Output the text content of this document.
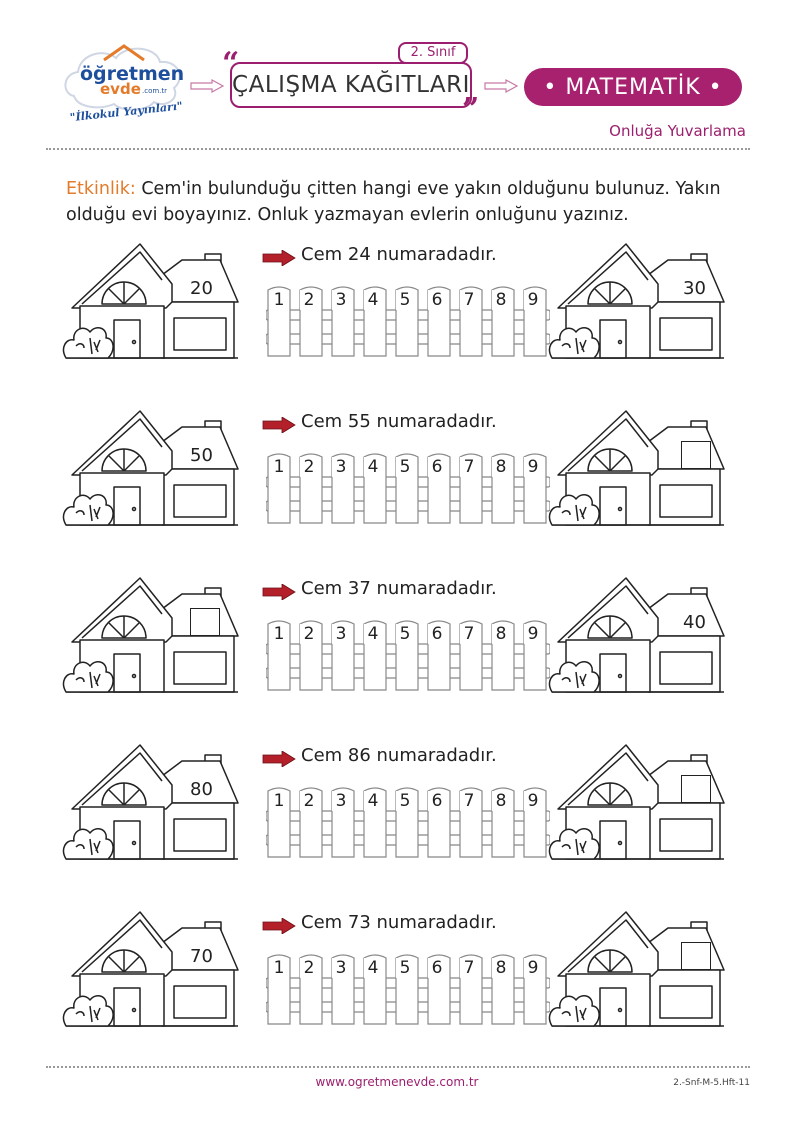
öğretmen
evde .com.tr
"İlkokul Yayınları"
ÇALIŞMA KAĞITLARI
“
”
2. Sınıf
• MATEMATİK •
Onluğa Yuvarlama
Etkinlik: Cem'in bulunduğu çitten hangi eve yakın olduğunu bulunuz. Yakın olduğu evi boyayınız. Onluk yazmayan evlerin onluğunu yazınız.
20	30
Cem 24 numaradadır.
1 2 3 4 5 6 7 8 9
50
Cem 55 numaradadır.
1 2 3 4 5 6 7 8 9
40
Cem 37 numaradadır.
1 2 3 4 5 6 7 8 9
80
Cem 86 numaradadır.
1 2 3 4 5 6 7 8 9
70
Cem 73 numaradadır.
1 2 3 4 5 6 7 8 9
www.ogretmenevde.com.tr	2.-Snf-M-5.Hft-11
